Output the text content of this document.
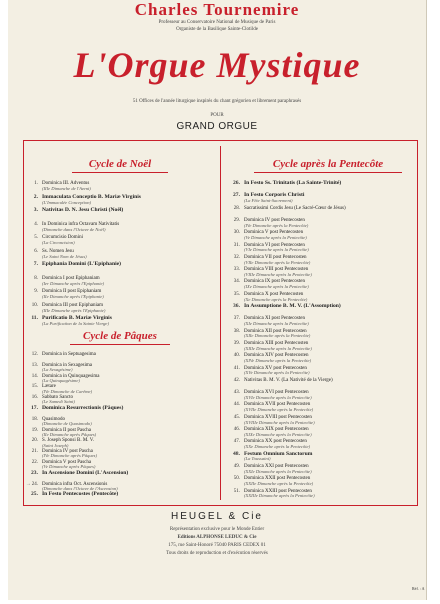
Charles Tournemire
Professeur au Conservatoire National de Musique de Paris
Organiste de la Basilique Sainte-Clotilde
L'Orgue Mystique
51 Offices de l'année liturgique inspirés du chant grégorien et librement paraphrasés
POUR
GRAND ORGUE
Cycle de Noël
1. Dominica III. Adventus
(IIIe Dimanche de l'Avent)
2. Immaculata Conceptio B. Mariæ Virginis
(L'Immaculée Conception)
3. Nativitas D. N. Jesu Christi (Noël)
4. In Dominica infra Octavam Nativitatis
(Dimanche dans l'Octave de Noël)
5. Circumcisio Domini
(La Circoncision)
6. Ss. Nomen Jesu
(Le Saint Nom de Jésus)
7. Epiphania Domini (L'Epiphanie)
8. Dominica I post Epiphaniam
(Ier Dimanche après l'Epiphanie)
9. Dominica II post Epiphaniam
(IIe Dimanche après l'Epiphanie)
10. Dominica III post Epiphaniam
(IIIe Dimanche après l'Epiphanie)
11. Purificatio B. Mariæ Virginis
(La Purification de la Sainte Vierge)
Cycle de Pâques
12. Dominica in Septuagesima
13. Dominica in Sexagesima
(La Sexagésime)
14. Dominica in Quinquagesima
(La Quinquagésime)
15. Lætare
(IVe Dimanche de Carême)
16. Sabbato Sancto
(Le Samedi Saint)
17. Dominica Resurrectionis (Pâques)
18. Quasimodo
(Dimanche de Quasimodo)
19. Dominica II post Pascha
(IIe Dimanche après Pâques)
20. S. Joseph Sponsi B. M. V.
(Saint Joseph)
21. Dominica IV post Pascha
(IVe Dimanche après Pâques)
22. Dominica V post Pascha
(Ve Dimanche après Pâques)
23. In Ascensione Domini (L'Ascension)
→ 24. Dominica infra Oct. Ascensionis
(Dimanche dans l'Octave de l'Ascension)
25. In Festo Pentecostes (Pentecôte)
Cycle après la Pentecôte
26. In Festo Ss. Trinitatis (La Sainte-Trinité)
27. In Festo Corporis Christi
(La Fête Saint-Sacrement)
28. Sacratissimi Cordis Jesu (Le Sacré-Cœur de Jésus)
29. Dominica IV post Pentecosten
(IVe Dimanche après la Pentecôte)
30. Dominica V post Pentecosten
(Ve Dimanche après la Pentecôte)
31. Dominica VI post Pentecosten
(VIe Dimanche après la Pentecôte)
32. Dominica VII post Pentecosten
(VIIe Dimanche après la Pentecôte)
33. Dominica VIII post Pentecosten
(VIIIe Dimanche après la Pentecôte)
34. Dominica IX post Pentecosten
(IXe Dimanche après la Pentecôte)
35. Dominica X post Pentecosten
(Xe Dimanche après la Pentecôte)
36. In Assumptione B. M. V. (L'Assomption)
37. Dominica XI post Pentecosten
(XIe Dimanche après la Pentecôte)
38. Dominica XII post Pentecosten
(XIIe Dimanche après la Pentecôte)
39. Dominica XIII post Pentecosten
(XIIIe Dimanche après la Pentecôte)
40. Dominica XIV post Pentecosten
(XIVe Dimanche après la Pentecôte)
41. Dominica XV post Pentecosten
(XVe Dimanche après la Pentecôte)
42. Nativitas B. M. V. (La Nativité de la Vierge)
43. Dominica XVI post Pentecosten
(XVIe Dimanche après la Pentecôte)
44. Dominica XVII post Pentecosten
(XVIIe Dimanche après la Pentecôte)
45. Dominica XVIII post Pentecosten
(XVIIIe Dimanche après la Pentecôte)
46. Dominica XIX post Pentecosten
(XIXe Dimanche après la Pentecôte)
47. Dominica XX post Pentecosten
(XXe Dimanche après la Pentecôte)
48. Festum Omnium Sanctorum
(La Toussaint)
49. Dominica XXI post Pentecosten
(XXIe Dimanche après la Pentecôte)
50. Dominica XXII post Pentecosten
(XXIIe Dimanche après la Pentecôte)
51. Dominica XXIII post Pentecosten
(XXIIIe Dimanche après la Pentecôte)
HEUGEL & Cie
Représentation exclusive pour le Monde Entier
Editions ALPHONSE LEDUC & Cie
175, rue Saint-Honoré 75040 PARIS CEDEX 01
Tous droits de reproduction et d'exécution réservés
Réf. : A
